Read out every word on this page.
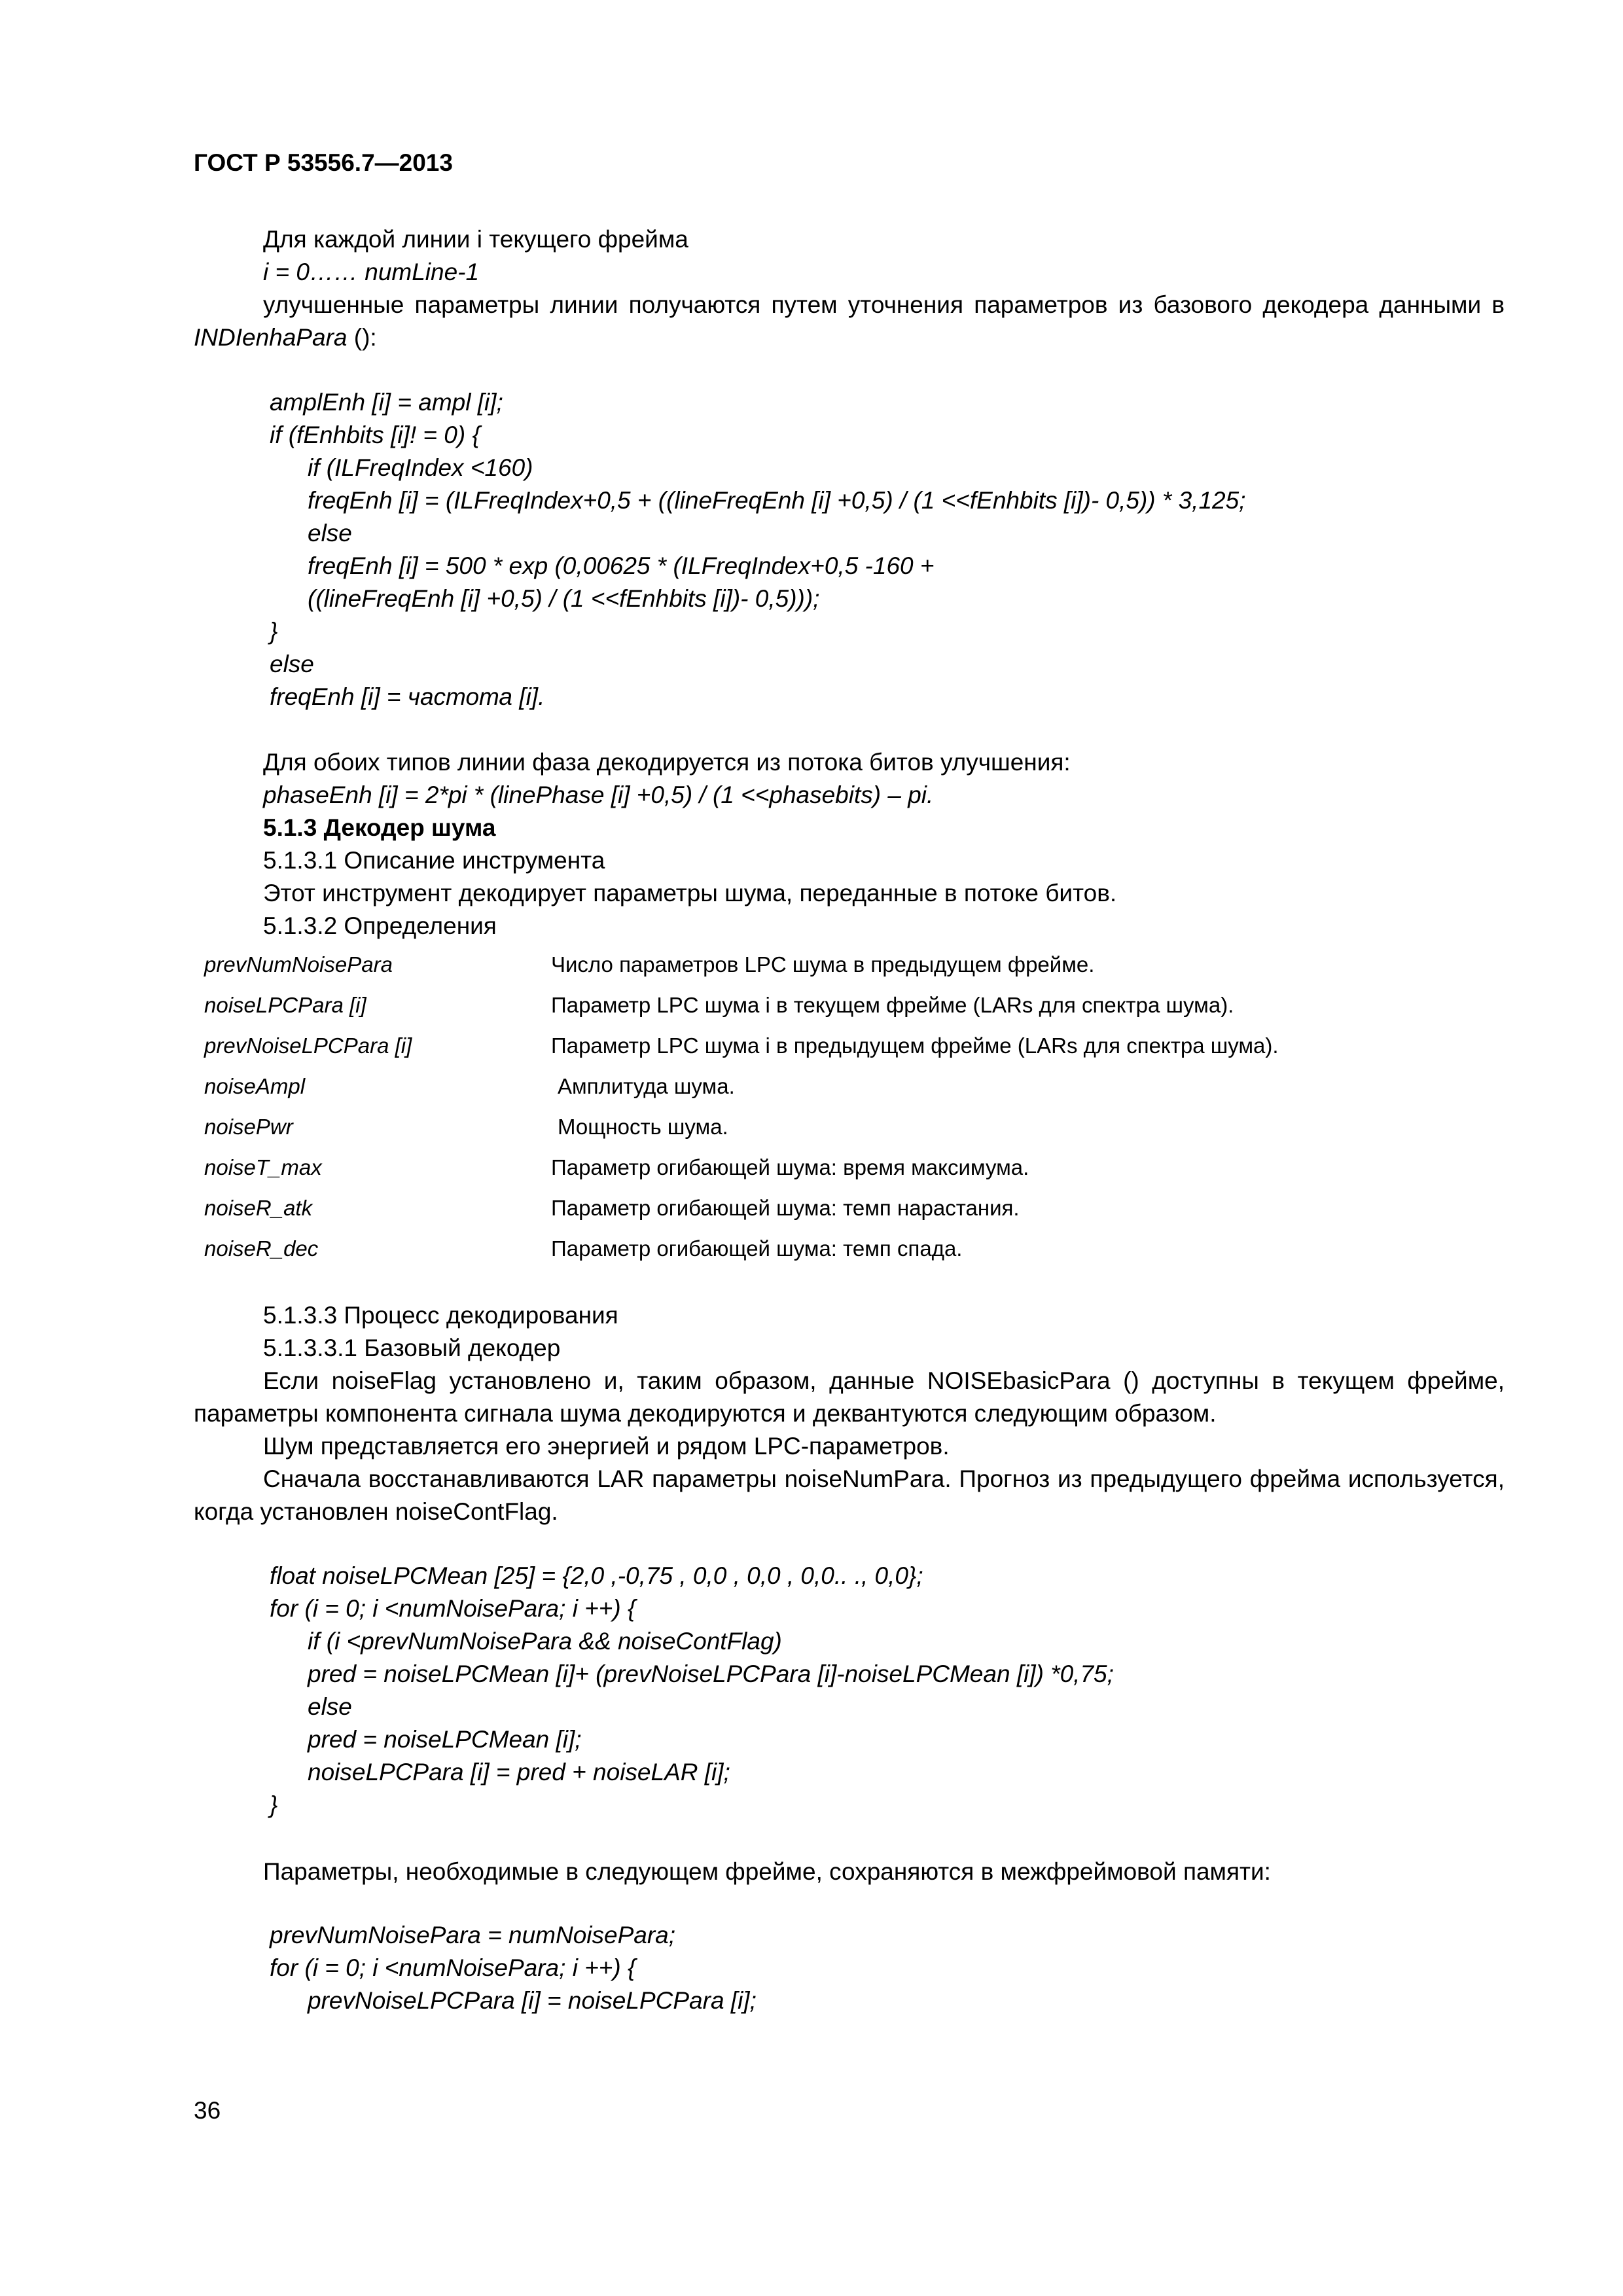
ГОСТ Р 53556.7—2013
Для каждой линии i текущего фрейма
i = 0…… numLine-1
улучшенные параметры линии получаются путем уточнения параметров из базового декодера данными в INDIenhaPara ():
amplEnh [i] = ampl [i];
if (fEnhbits [i]! = 0) {
if (ILFreqIndex <160)
freqEnh [i] = (ILFreqIndex+0,5 + ((lineFreqEnh [i] +0,5) / (1 <<fEnhbits [i])- 0,5)) * 3,125;
else
freqEnh [i] = 500 * exp (0,00625 * (ILFreqIndex+0,5 -160 +
((lineFreqEnh [i] +0,5) / (1 <<fEnhbits [i])- 0,5)));
}
else
freqEnh [i] = частота [i].
Для обоих типов линии фаза декодируется из потока битов улучшения:
phaseEnh [i] = 2*pi * (linePhase [i] +0,5) / (1 <<phasebits) – pi.
5.1.3 Декодер шума
5.1.3.1 Описание инструмента
Этот инструмент декодирует параметры шума, переданные в потоке битов.
5.1.3.2 Определения
prevNumNoisePara	Число параметров LPC шума в предыдущем фрейме.
noiseLPCPara [i]	Параметр LPC шума i в текущем фрейме (LARs для спектра шума).
prevNoiseLPCPara [i]	Параметр LPC шума i в предыдущем фрейме (LARs для спектра шума).
noiseAmpl	Амплитуда шума.
noisePwr	Мощность шума.
noiseT_max	Параметр огибающей шума: время максимума.
noiseR_atk	Параметр огибающей шума: темп нарастания.
noiseR_dec	Параметр огибающей шума: темп спада.
5.1.3.3 Процесс декодирования
5.1.3.3.1 Базовый декодер
Если noiseFlag установлено и, таким образом, данные NOISEbasicPara () доступны в текущем фрейме, параметры компонента сигнала шума декодируются и деквантуются следующим образом.
Шум представляется его энергией и рядом LPC-параметров.
Сначала восстанавливаются LAR параметры noiseNumPara. Прогноз из предыдущего фрейма используется, когда установлен noiseContFlag.
float noiseLPCMean [25] = {2,0 ,-0,75 , 0,0 , 0,0 , 0,0.. ., 0,0};
for (i = 0; i <numNoisePara; i ++) {
if (i <prevNumNoisePara && noiseContFlag)
pred = noiseLPCMean [i]+ (prevNoiseLPCPara [i]-noiseLPCMean [i]) *0,75;
else
pred = noiseLPCMean [i];
noiseLPCPara [i] = pred + noiseLAR [i];
}
Параметры, необходимые в следующем фрейме, сохраняются в межфреймовой памяти:
prevNumNoisePara = numNoisePara;
for (i = 0; i <numNoisePara; i ++) {
prevNoiseLPCPara [i] = noiseLPCPara [i];
36
